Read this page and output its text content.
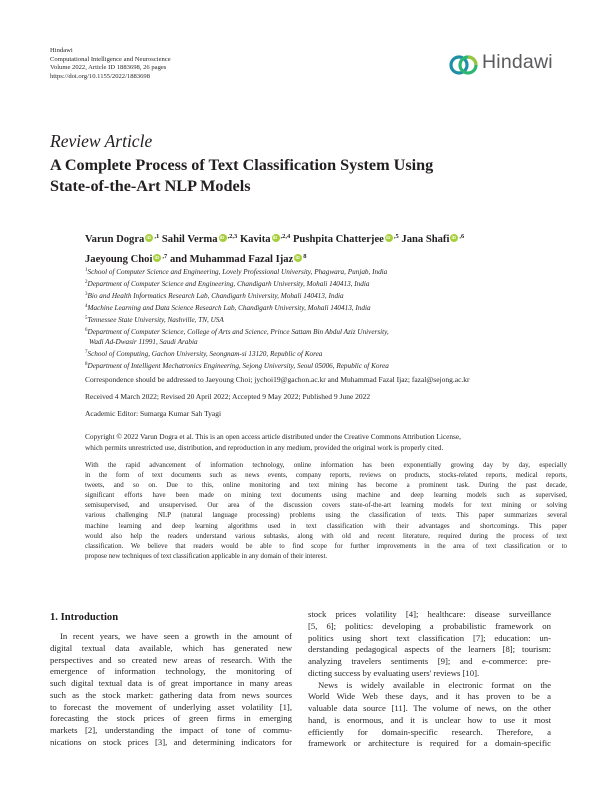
Hindawi
Computational Intelligence and Neuroscience
Volume 2022, Article ID 1883698, 26 pages
https://doi.org/10.1155/2022/1883698
Hindawi
Review Article
A Complete Process of Text Classification System Using
State-of-the-Art NLP Models
Varun Dogra iD $^{,1}$ Sahil Verma iD $^{,2,3}$ Kavita iD $^{,2,4}$ Pushpita Chatterjee iD $^{,5}$ Jana Shafi iD $^{,6}$
Jaeyoung Choi iD $^{,7}$ and Muhammad Fazal Ijaz iD $^8$
$^1$School of Computer Science and Engineering, Lovely Professional University, Phagwara, Punjab, India
$^2$Department of Computer Science and Engineering, Chandigarh University, Mohali 140413, India
$^3$Bio and Health Informatics Research Lab, Chandigarh University, Mohali 140413, India
$^4$Machine Learning and Data Science Research Lab, Chandigarh University, Mohali 140413, India
$^5$Tennessee State University, Nashville, TN, USA
$^6$Department of Computer Science, College of Arts and Science, Prince Sattam Bin Abdul Aziz University,
Wadi Ad-Dwasir 11991, Saudi Arabia
$^7$School of Computing, Gachon University, Seongnam-si 13120, Republic of Korea
$^8$Department of Intelligent Mechatronics Engineering, Sejong University, Seoul 05006, Republic of Korea
Correspondence should be addressed to Jaeyoung Choi; jychoi19@gachon.ac.kr and Muhammad Fazal Ijaz; fazal@sejong.ac.kr
Received 4 March 2022; Revised 20 April 2022; Accepted 9 May 2022; Published 9 June 2022
Academic Editor: Sumarga Kumar Sah Tyagi
Copyright © 2022 Varun Dogra et al. This is an open access article distributed under the Creative Commons Attribution License,
which permits unrestricted use, distribution, and reproduction in any medium, provided the original work is properly cited.
With the rapid advancement of information technology, online information has been exponentially growing day by day, especially
in the form of text documents such as news events, company reports, reviews on products, stocks-related reports, medical reports,
tweets, and so on. Due to this, online monitoring and text mining has become a prominent task. During the past decade,
significant efforts have been made on mining text documents using machine and deep learning models such as supervised,
semisupervised, and unsupervised. Our area of the discussion covers state-of-the-art learning models for text mining or solving
various challenging NLP (natural language processing) problems using the classification of texts. This paper summarizes several
machine learning and deep learning algorithms used in text classification with their advantages and shortcomings. This paper
would also help the readers understand various subtasks, along with old and recent literature, required during the process of text
classification. We believe that readers would be able to find scope for further improvements in the area of text classification or to
propose new techniques of text classification applicable in any domain of their interest.
1. Introduction
In recent years, we have seen a growth in the amount of
digital textual data available, which has generated new
perspectives and so created new areas of research. With the
emergence of information technology, the monitoring of
such digital textual data is of great importance in many areas
such as the stock market: gathering data from news sources
to forecast the movement of underlying asset volatility [1],
forecasting the stock prices of green firms in emerging
markets [2], understanding the impact of tone of commu-
nications on stock prices [3], and determining indicators for
stock prices volatility [4]; healthcare: disease surveillance
[5, 6]; politics: developing a probabilistic framework on
politics using short text classification [7]; education: un-
derstanding pedagogical aspects of the learners [8]; tourism:
analyzing travelers sentiments [9]; and e-commerce: pre-
dicting success by evaluating users' reviews [10].
News is widely available in electronic format on the
World Wide Web these days, and it has proven to be a
valuable data source [11]. The volume of news, on the other
hand, is enormous, and it is unclear how to use it most
efficiently for domain-specific research. Therefore, a
framework or architecture is required for a domain-specific
